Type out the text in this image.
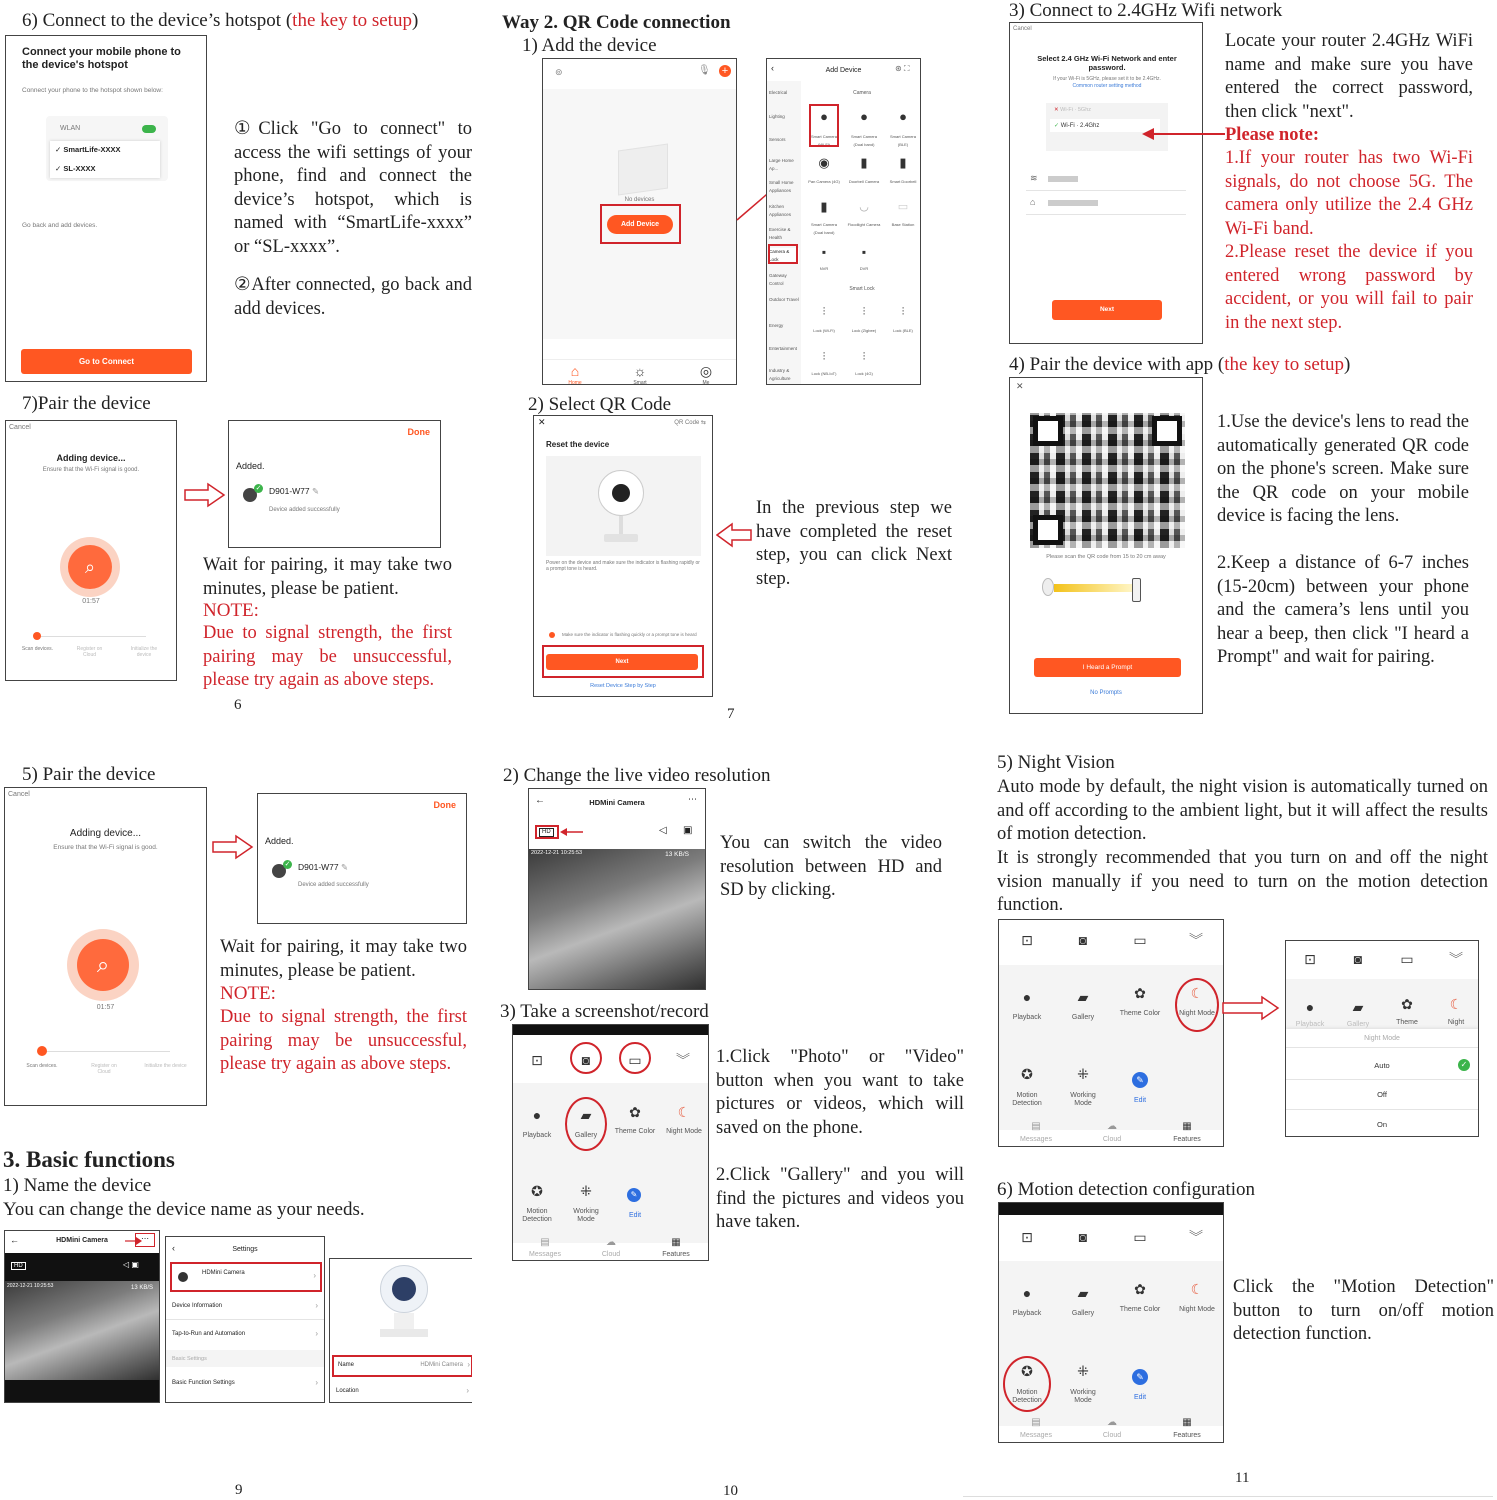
6) Connect to the device’s hotspot (the key to setup)
Connect your mobile phone to the device's hotspot
Connect your phone to the hotspot shown below:
WLAN
✓ SmartLife-XXXX
✓ SL-XXXX
Go back and add devices.
Go to Connect
①Click "Go to connect" to access the wifi settings of your phone, find and connect the device’s hotspot, which is named with “SmartLife-xxxx” or “SL-xxxx”.
②After connected, go back and add devices.
7)Pair the device
Cancel
Adding device...
Ensure that the Wi-Fi signal is good.
⌕
01:57
Scan devices.	Register on Cloud
Initialize the device
Done
Added.
✓ D901-W77 ✎
Device added successfully
Wait for pairing, it may take two minutes, please be patient.
NOTE:
Due to signal strength, the first pairing may be unsuccessful, please try again as above steps.
6
Way 2. QR Code connection
1) Add the device
⊚	🎙 +
No devices
Add Device
⌂	☼	◎
Home	Smart	Me
‹	Add Device	⊛ ⛶
Electrical
Lighting
Sensors
Large Home Ap...
Small Home Appliances
Kitchen Appliances
Exercise & Health
Camera & Lock
Gateway Control
Outdoor Travel
Energy
Entertainment
Industry & Agriculture
Camera
●	●	●
Smart Camera (Wi-Fi)
Smart Camera (Dual band)
Smart Camera (BLE)
◉	▮	▮
Pan Camera (4G)	Doorbell Camera	Smart Doorbell
▮	◡	▭
Smart Camera (Dual band)
Floodlight Camera	Base Station
▪	▪
NVR	DVR
Smart Lock
⫶	⫶	⫶
Lock (Wi-Fi)	Lock (Zigbee)	Lock (BLE)
⫶	⫶
Lock (NB-IoT)	Lock (4G)
2) Select QR Code
✕	QR Code ⇆
Reset the device
Power on the device and make sure the indicator is flashing rapidly or a prompt tone is heard.
Make sure the indicator is flashing quickly or a prompt tone is heard
Next
Reset Device Step by Step
In the previous step we have completed the reset step, you can click Next step.
7
3) Connect to 2.4GHz Wifi network
Cancel
Select 2.4 GHz Wi-Fi Network and enter password.
If your Wi-Fi is 5GHz, please set it to be 2.4GHz.
Common router setting method
✕ Wi-Fi · 5Ghz
✓ Wi-Fi · 2.4Ghz
≋
⌂
Next
Locate your router 2.4GHz WiFi name and make sure you have entered the correct password, then click "next".
Please note:
1.If your router has two Wi-Fi signals, do not choose 5G. The camera only utilize the 2.4 GHz Wi-Fi band.
2.Please reset the device if you entered wrong password by accident, or you will fail to pair in the next step.
4) Pair the device with app (the key to setup)
✕
Please scan the QR code from 15 to 20 cm away
I Heard a Prompt
No Prompts
1.Use the device's lens to read the automatically generated QR code on the phone's screen. Make sure the QR code on your mobile device is facing the lens.
2.Keep a distance of 6-7 inches (15-20cm) between your phone and the camera’s lens until you hear a beep, then click "I heard a Prompt" and wait for pairing.
5) Pair the device
Cancel
Adding device...
Ensure that the Wi-Fi signal is good.
⌕
01:57
Scan devices.	Register on Cloud
Initialize the device
Done
Added.
✓ D901-W77 ✎
Device added successfully
Wait for pairing, it may take two minutes, please be patient.
NOTE:
Due to signal strength, the first pairing may be unsuccessful, please try again as above steps.
3. Basic functions
1) Name the device
You can change the device name as your needs.
←	HDMini Camera	⋯
HD	◁ ▣
2022-12-21 10:25:53	13 KB/S
‹	Settings
HDMini Camera	›
Device Information	›
Tap-to-Run and Automation	›
Basic Settings
Basic Function Settings	›
Name	HDMini Camera ›
Location	›
9
2) Change the live video resolution
←	HDMini Camera	⋯
HD	◁ ▣
2022-12-21 10:25:53	13 KB/S
You can switch the video resolution between HD and SD by clicking.
3) Take a screenshot/record
⊡	◙	▭ ︾
●	▰	✿	☾
Playback	Gallery
Theme Color	Night Mode
✪	⁜	✎
Motion Detection
Working Mode
Edit
▤	☁	▦
Messages	Cloud	Features
1.Click "Photo" or "Video" button when you want to take pictures or videos, which will saved on the phone.
2.Click "Gallery" and you will find the pictures and videos you have taken.
10
5) Night Vision
Auto mode by default, the night vision is automatically turned on and off according to the ambient light, but it will affect the results of motion detection.
It is strongly recommended that you turn on and off the night vision manually if you need to turn on the motion detection function.
⊡	◙	▭	︾
●	▰	✿	☾
Playback	Gallery
Theme Color	Night Mode
✪	⁜	✎
Motion Detection
Working Mode	Edit
▤	☁	▦
Messages	Cloud	Features
⊡	◙	▭	︾
●	▰	✿	☾
Playback	Gallery	Theme	Night
Night Mode
Auto	✓
Off
On
6) Motion detection configuration
⊡	◙	▭	︾
●	▰	✿	☾
Playback	Gallery
Theme Color	Night Mode
✪	⁜	✎
Motion Detection
Working Mode	Edit
▤	☁	▦
Messages	Cloud	Features
Click the "Motion Detection" button to turn on/off motion detection function.
11
